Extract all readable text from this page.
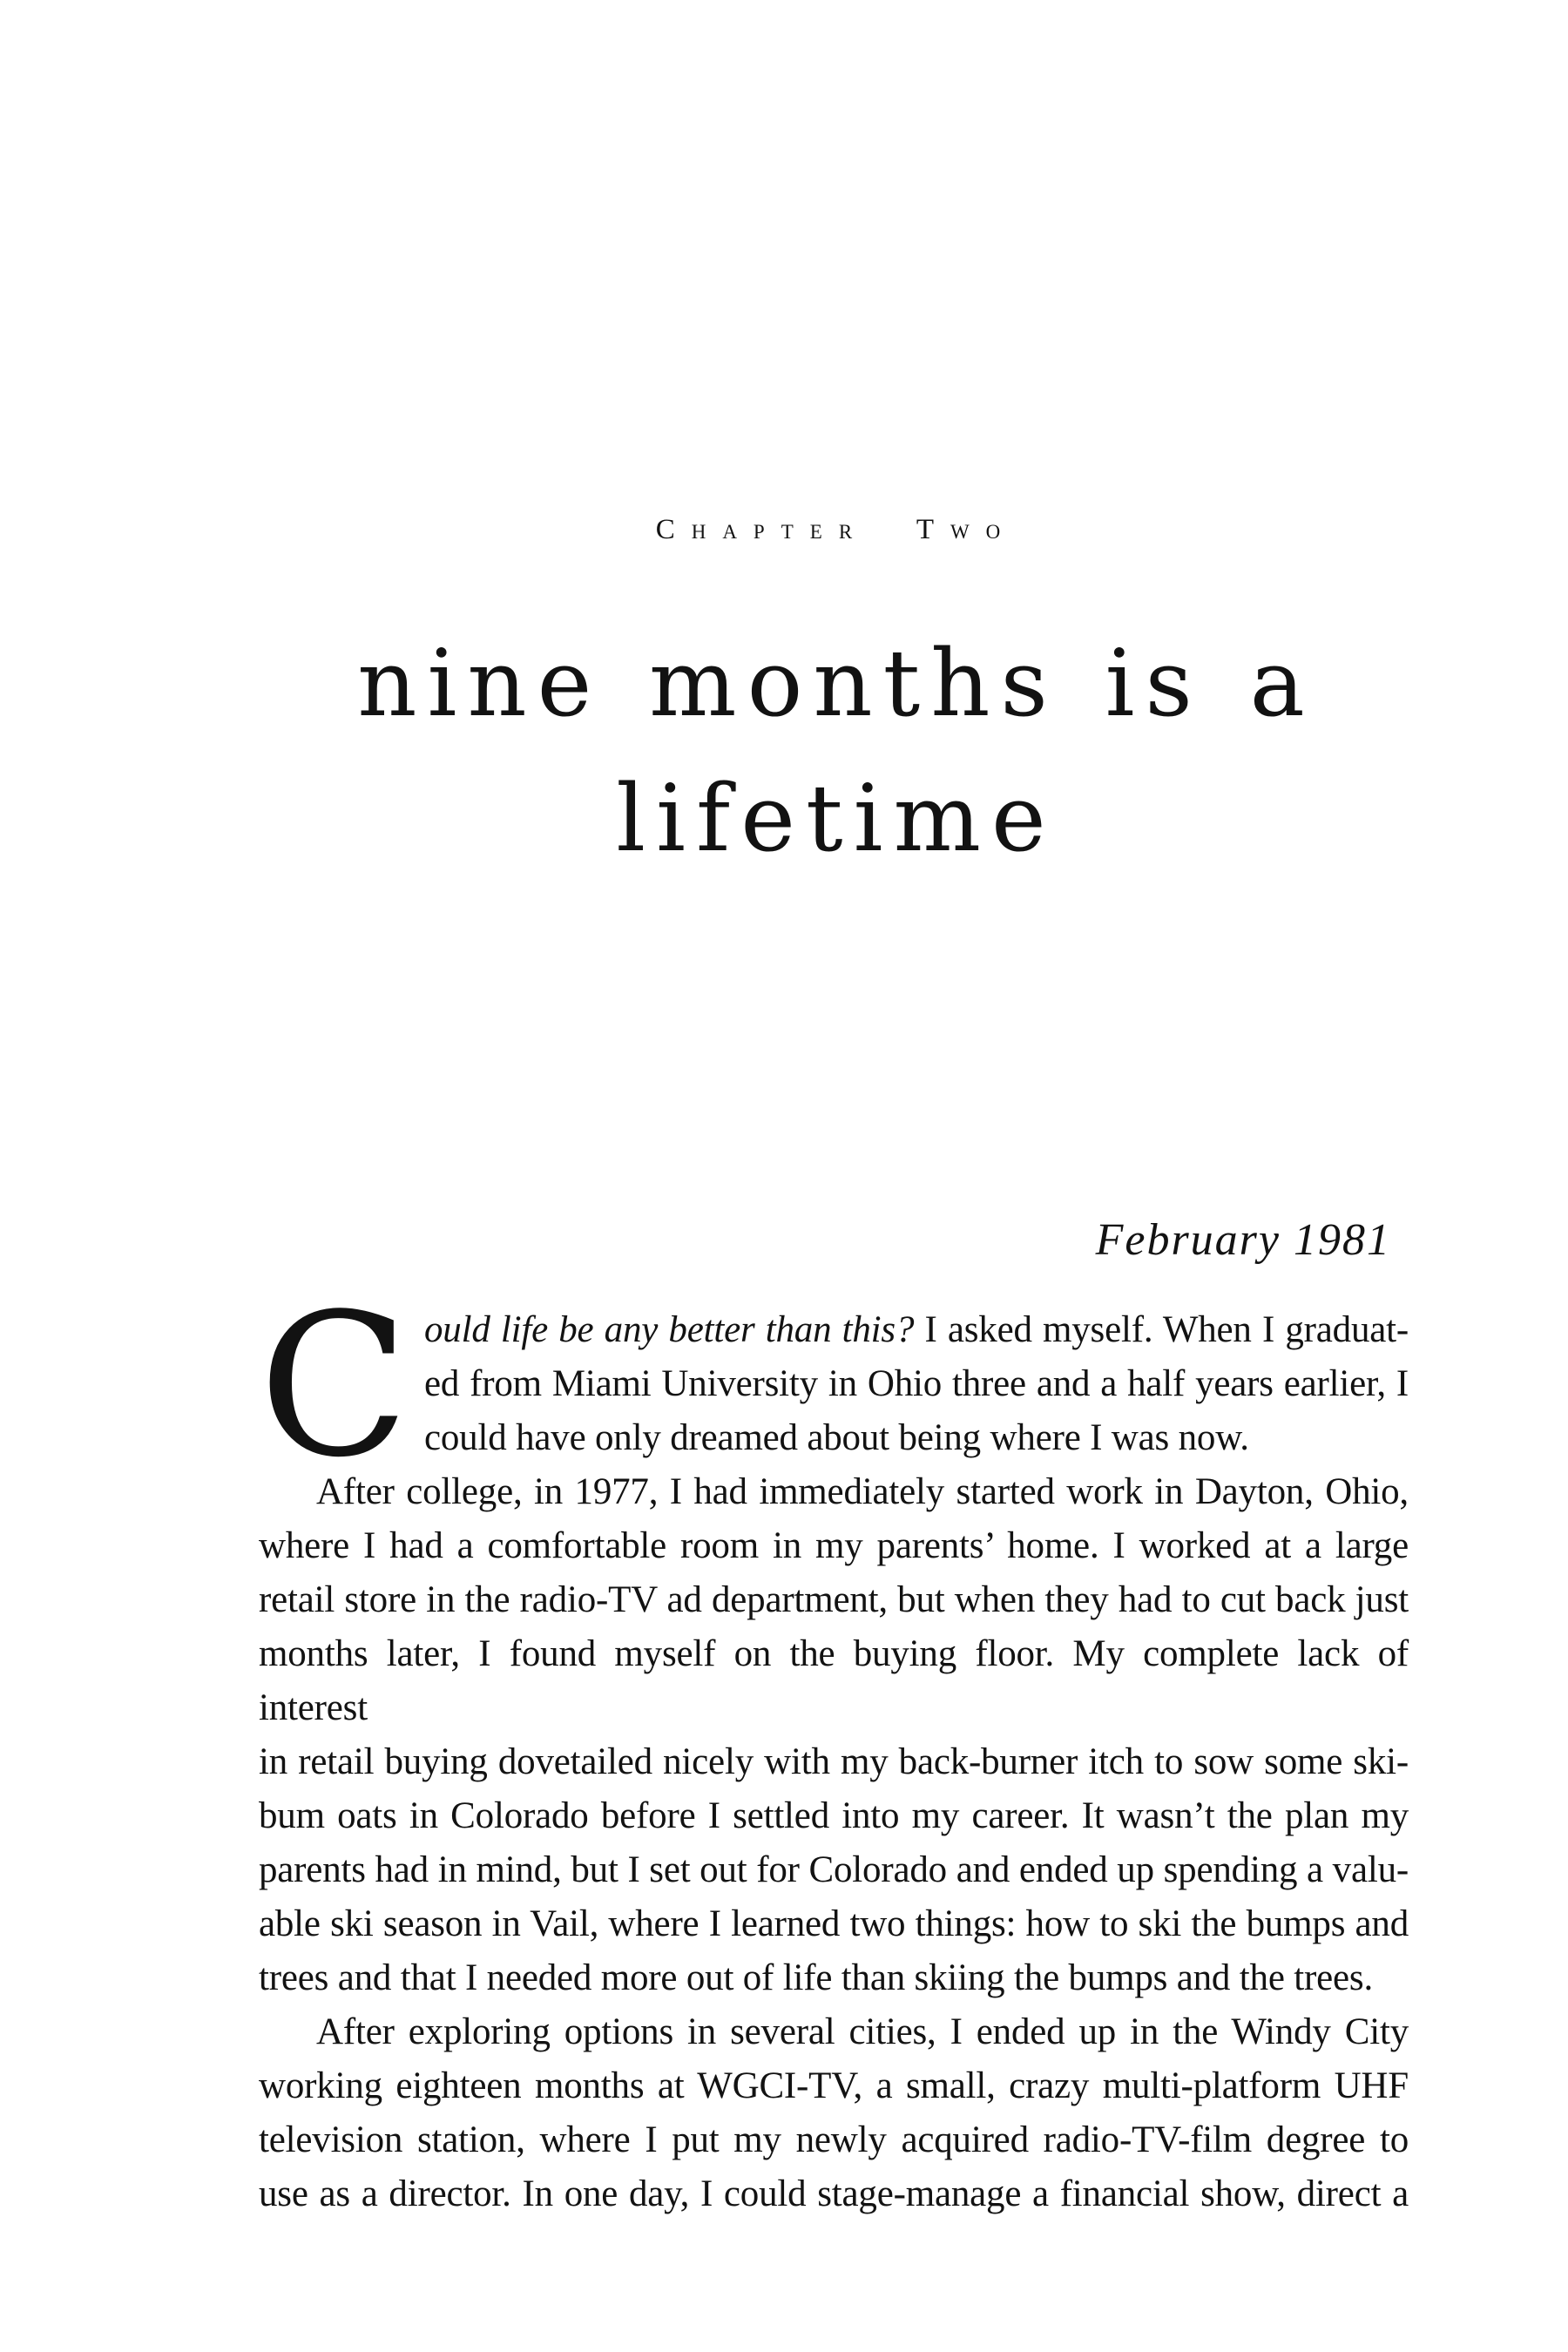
Chapter Two
nine months is a
lifetime
February 1981
C ould life be any better than this? I asked myself. When I graduat-
ed from Miami University in Ohio three and a half years earlier, I
could have only dreamed about being where I was now.
After college, in 1977, I had immediately started work in Dayton, Ohio,
where I had a comfortable room in my parents’ home. I worked at a large
retail store in the radio-TV ad department, but when they had to cut back just
months later, I found myself on the buying floor. My complete lack of interest
in retail buying dovetailed nicely with my back-burner itch to sow some ski-
bum oats in Colorado before I settled into my career. It wasn’t the plan my
parents had in mind, but I set out for Colorado and ended up spending a valu-
able ski season in Vail, where I learned two things: how to ski the bumps and
trees and that I needed more out of life than skiing the bumps and the trees.
After exploring options in several cities, I ended up in the Windy City
working eighteen months at WGCI-TV, a small, crazy multi-platform UHF
television station, where I put my newly acquired radio-TV-film degree to
use as a director. In one day, I could stage-manage a financial show, direct a
